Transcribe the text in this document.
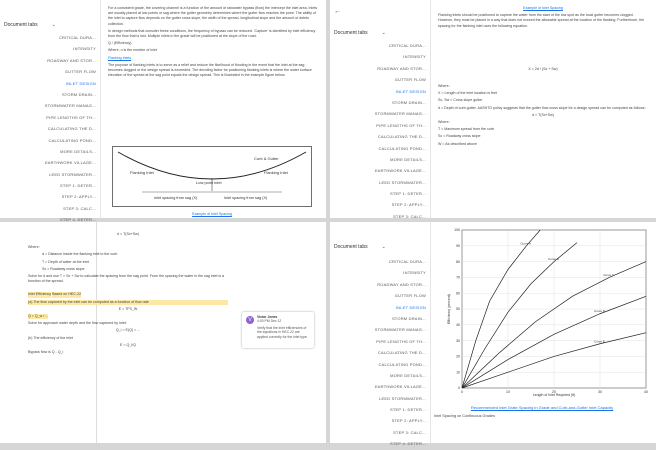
Document tabs	⌄
CRITICAL DURA...
INTENSITY
ROADWAY AND STOR...
GUTTER FLOW
INLET DESIGN
STORM DRAIN...
STORMWATER MANAG...
PIPE LENGTHS OF TH...
CALCULATING THE D...
CALCULATING POND...
MORE DETAILS...
EARTHWORK VILLAGE...
LEED STORMWATER...
STEP 1: DETER...
STEP 2: APPLY...
STEP 3: CALC...
STEP 4: DETER...

For a consistent grade, the covering channel is a function of the amount of rainwater bypass (flow) the intercept the inlet area. Inlets are usually placed at low points or sag where the gutter geometry determines where the gutter flow reaches the point. The ability of the inlet to capture flow depends on the gutter cross slope, the width of the spread, longitudinal slope and the amount of debris collection.

In design methods that consider these conditions, the frequency of bypass can be reduced. 'Capture' is identified by inlet efficiency from the flow that is lost. Multiple inlets in the grade will be positioned at the slope of the road.

Q / (Efficiency)

Where, n is the number of inlet

Flanking Inlets

The purpose of flanking inlets is to serve as a relief and reduce the likelihood of flooding in the event that the inlet at the sag becomes clogged or the design spread is exceeded. The deciding factor for positioning flanking inlets is where the water surface elevation of the spread at the sag point equals the design spread. This is illustrated in the example figure below.

Curb & Gutter
Flanking Inlet	Flanking Inlet
Low point inlet
Inlet spacing from sag (X)	Inlet spacing from sag (X)
Example of Inlet Spacing
←
Document tabs	⌄
CRITICAL DURA...
INTENSITY
ROADWAY AND STOR...
GUTTER FLOW
INLET DESIGN
STORM DRAIN...
STORMWATER MANAG...
PIPE LENGTHS OF TH...
CALCULATING THE D...
CALCULATING POND...
MORE DETAILS...
EARTHWORK VILLAGE...
LEED STORMWATER...
STEP 1: DETER...
STEP 2: APPLY...
STEP 3: CALC...

Example of Inlet Spacing

Flanking inlets should be positioned to capture the water from the start of the low spot as the local gutter becomes clogged. However, they must be placed in a way that does not exceed the allowable spread at the location of the flanking. Furthermore, the spacing for the flanking inlet uses the following equation.

X = 2d / (Sx + Sw)

Where:

X = Length of the inlet location is feet

Sx, Sw = Cross slope gutter

d = Depth of curb gutter. AASHTO policy suggests that the gutter flow cross slope for a design spread can be computed as follows:

d = T(Sx+Sw)

Where:

T = Maximum spread from the curb

Sx = Roadway cross slope

W = As described above

d = T(Sx+Sw)

Where:

d = Distance inside the flanking inlet to the curb

T = Depth of water at the inlet

Sx = Roadway cross slope

Solve for d and use T = Sx + Sw to calculate the spacing from the sag point. From the spacing the water in the sag inlet is a function of the spread.

Inlet Efficiency

Based on HEC-22

(a) The flow captured by the inlet can be computed as a function of flow rate

E = TFS_W

Q = Q_w / ...

Solve for approach water depth and the flow captured by inlet:

Q_i = E(Q) = ...

(b) The efficiency of the inlet

E = Q_i/Q

Bypass flow is Q - Q_i

V	Victor Jones
4:00 PM Dec 12
Verify that the inlet efficiencies of the equations in HEC-22 are applied correctly for the inlet type.
Document tabs	⌄
CRITICAL DURA...
INTENSITY
ROADWAY AND STOR...
GUTTER FLOW
INLET DESIGN
STORM DRAIN...
STORMWATER MANAG...
PIPE LENGTHS OF TH...
CALCULATING THE D...
CALCULATING POND...
MORE DETAILS...
EARTHWORK VILLAGE...
LEED STORMWATER...
STEP 1: DETER...
STEP 2: APPLY...
STEP 3: CALC...
STEP 4: DETER...
Curve A
Curve B
Curve C
Curve D
Curve E
0
10
20
30
40
50
60
70
80
90
100
0	10	20	30	40
Length of Inlet Required (ft)
Efficiency (percent)
Recommended Inlet Grate Spacing in Grade and Curb-and-Gutter Inlet Capacity
Inlet Spacing on Continuous Grades
